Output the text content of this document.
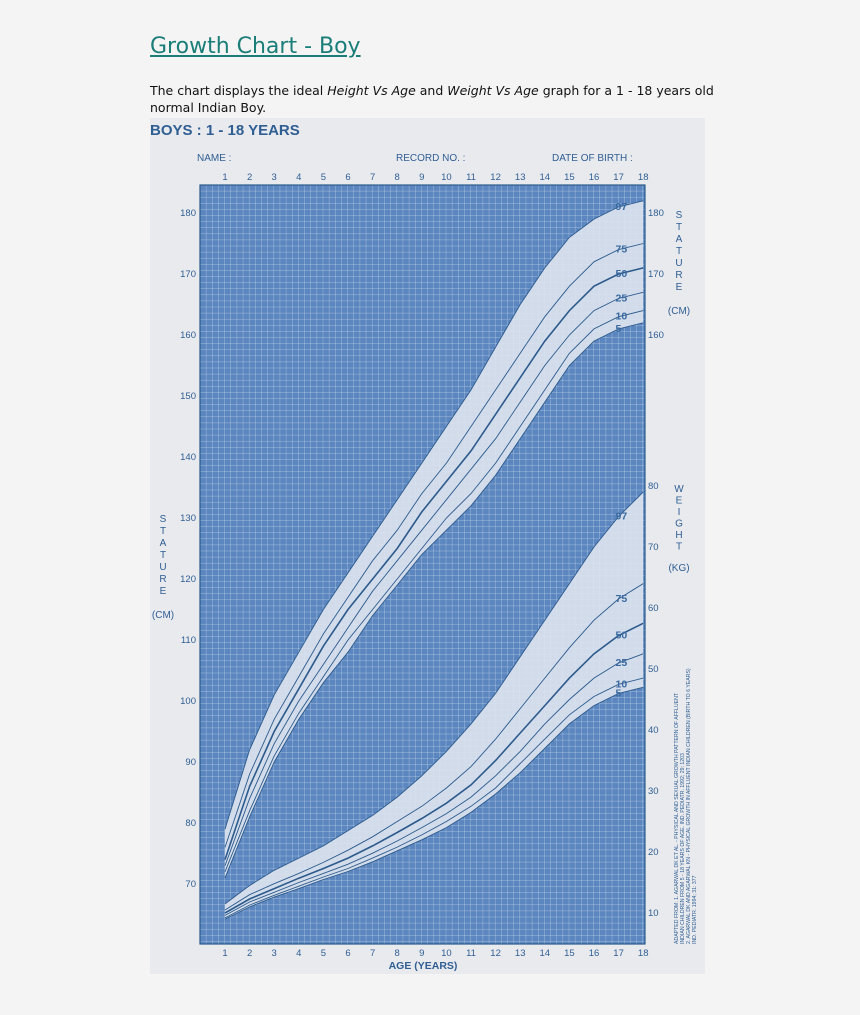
Growth Chart - Boy
The chart displays the ideal Height Vs Age and Weight Vs Age graph for a 1 - 18 years old normal Indian Boy.
BOYS : 1 - 18 YEARS
NAME :	RECORD NO. :	DATE OF BIRTH :
ADAPTED FROM: 1. AGARWAL DK ET AL. - PHYSICAL AND SEXUAL GROWTH PATTERN OF AFFLUENT INDIAN CHILDREN FROM 5 - 18 YEARS OF AGE. IND. PEDIATR. 1992; 29: 1203 2. AGARWAL DK AND AGARWAL KN - PHYSICAL GROWTH IN AFFLUENT INDIAN CHILDREN (BIRTH TO 6 YEARS) IND. PEDIATR. 1994; 31: 377
97
75
50
25
10
5
97
75
50
25
10
5
1
1
2
2
3
3
4
4
5
5
6
6
7
7
8
8
9
9
10
10
11
11
12
12
13
13
14
14
15
15
16
16
17
17
18
18
AGE (YEARS)
70
80
90
100
110
120
130
140
150
160	160
170	170
180	180
10
20
30
40
50
60
70
80
S
T
A
T
U
R
E
(CM)
S
T
A
T
U
R
E
(CM)
W
E
I
G
H
T
(KG)
